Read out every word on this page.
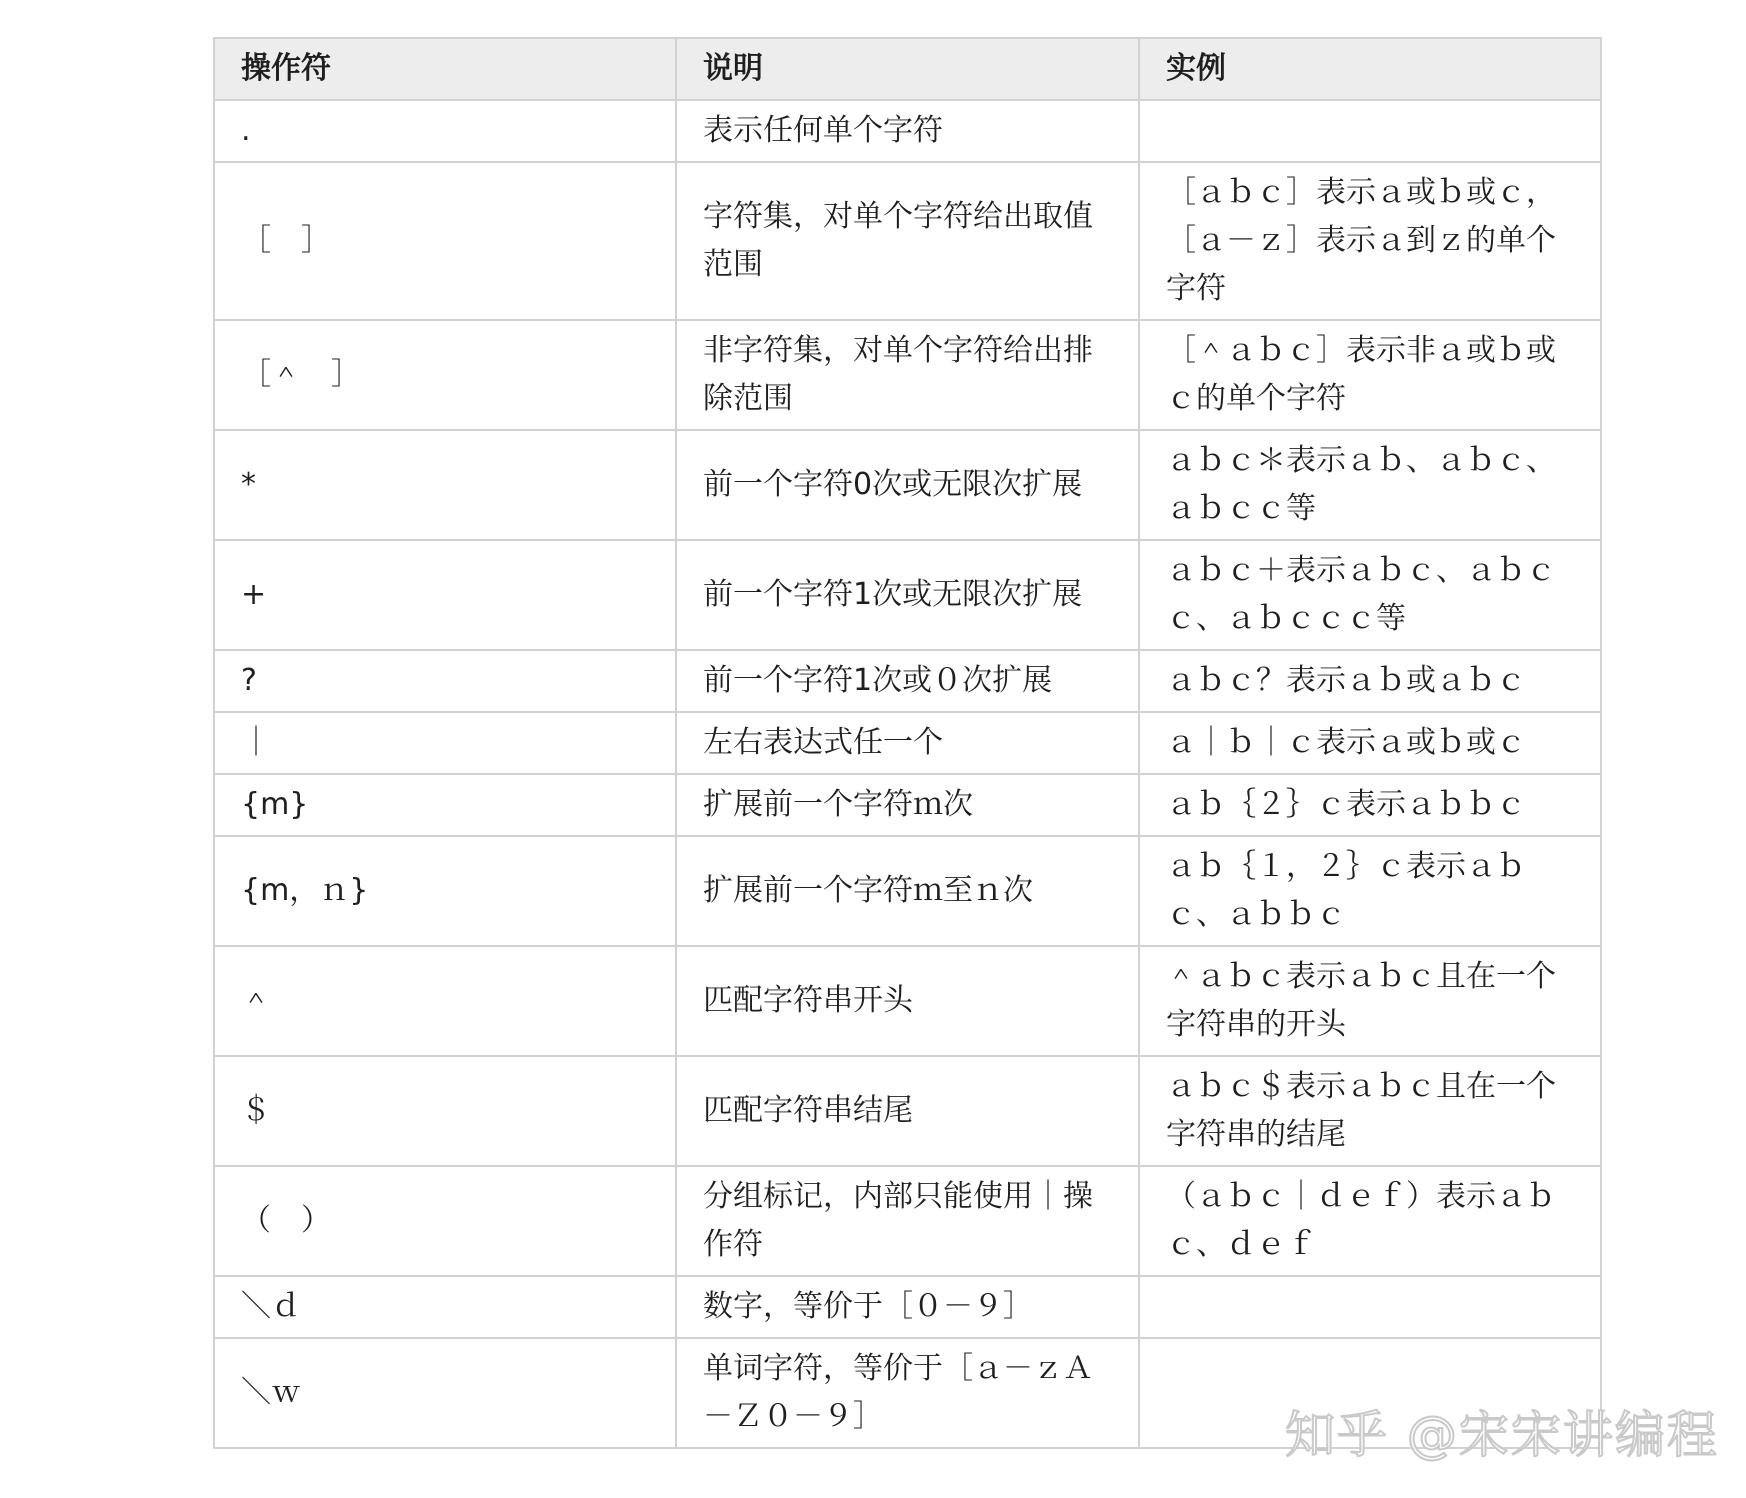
操作符	说明	实例
.	表示任何单个字符	
［　］	字符集，对单个字符给出取值范围	［ａｂｃ］表示ａ或ｂ或ｃ，［ａ－ｚ］表示ａ到ｚ的单个字符
［＾　］	非字符集，对单个字符给出排除范围	［＾ａｂｃ］表示非ａ或ｂ或ｃ的单个字符
*	前一个字符0次或无限次扩展	ａｂｃ＊表示ａｂ、ａｂｃ、ａｂｃｃ等
+	前一个字符1次或无限次扩展	ａｂｃ＋表示ａｂｃ、ａｂｃｃ、ａｂｃｃｃ等
?	前一个字符1次或０次扩展	ａｂｃ？表示ａｂ或ａｂｃ
｜	左右表达式任一个	ａ｜ｂ｜ｃ表示ａ或ｂ或ｃ
{m}	扩展前一个字符ｍ次	ａｂ｛２｝ｃ表示ａｂｂｃ
{m，ｎ}	扩展前一个字符ｍ至ｎ次	ａｂ｛１，２｝ｃ表示ａｂｃ、ａｂｂｃ
＾	匹配字符串开头	＾ａｂｃ表示ａｂｃ且在一个字符串的开头
＄	匹配字符串结尾	ａｂｃ＄表示ａｂｃ且在一个字符串的结尾
（　）	分组标记，内部只能使用｜操作符	（ａｂｃ｜ｄｅｆ）表示ａｂｃ、ｄｅｆ
＼ｄ	数字，等价于［０－９］	
＼ｗ	单词字符，等价于［ａ－ｚＡ－Ｚ０－９］		知乎 @宋宋讲编程
